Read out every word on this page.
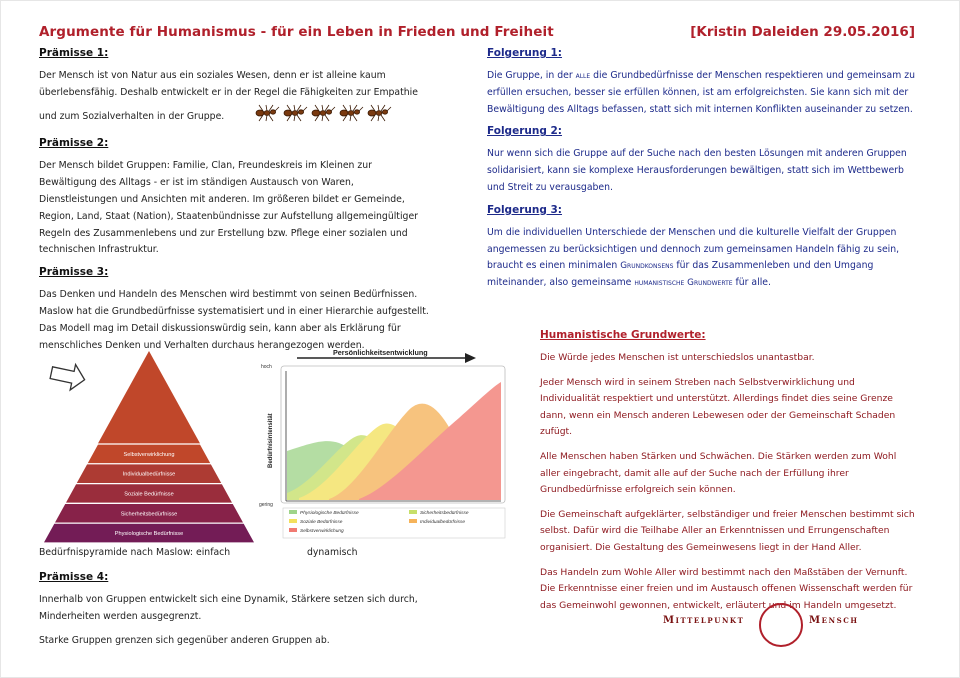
Argumente für Humanismus - für ein Leben in Frieden und Freiheit	[Kristin Daleiden 29.05.2016]
Prämisse 1:

Der Mensch ist von Natur aus ein soziales Wesen, denn er ist alleine kaum überlebensfähig. Deshalb entwickelt er in der Regel die Fähigkeiten zur Empathie und zum Sozialverhalten in der Gruppe.

Prämisse 2:

Der Mensch bildet Gruppen: Familie, Clan, Freundeskreis im Kleinen zur Bewältigung des Alltags - er ist im ständigen Austausch von Waren, Dienstleistungen und Ansichten mit anderen. Im größeren bildet er Gemeinde, Region, Land, Staat (Nation), Staatenbündnisse zur Aufstellung allgemeingültiger Regeln des Zusammenlebens und zur Erstellung bzw. Pflege einer sozialen und technischen Infrastruktur.

Prämisse 3:

Das Denken und Handeln des Menschen wird bestimmt von seinen Bedürfnissen. Maslow hat die Grundbedürfnisse systematisiert und in einer Hierarchie aufgestellt. Das Modell mag im Detail diskussionswürdig sein, kann aber als Erklärung für menschliches Denken und Verhalten durchaus herangezogen werden.

Selbstverwirklichung
Individualbedürfnisse
Soziale Bedürfnisse
Sicherheitsbedürfnisse
Physiologische Bedürfnisse
Persönlichkeitsentwicklung
hoch
gering
Bedürfnisintensität
Physiologische Bedürfnisse	Sicherheitsbedürfnisse
Soziale Bedürfnisse	Individualbedürfnisse
Selbstverwirklichung
Bedürfnispyramide nach Maslow: einfach	dynamisch
Prämisse 4:

Innerhalb von Gruppen entwickelt sich eine Dynamik, Stärkere setzen sich durch, Minderheiten werden ausgegrenzt.

Starke Gruppen grenzen sich gegenüber anderen Gruppen ab.

Folgerung 1:

Die Gruppe, in der alle die Grundbedürfnisse der Menschen respektieren und gemeinsam zu erfüllen ersuchen, besser sie erfüllen können, ist am erfolgreichsten. Sie kann sich mit der Bewältigung des Alltags befassen, statt sich mit internen Konflikten auseinander zu setzen.

Folgerung 2:

Nur wenn sich die Gruppe auf der Suche nach den besten Lösungen mit anderen Gruppen solidarisiert, kann sie komplexe Herausforderungen bewältigen, statt sich im Wettbewerb und Streit zu verausgaben.

Folgerung 3:

Um die individuellen Unterschiede der Menschen und die kulturelle Vielfalt der Gruppen angemessen zu berücksichtigen und dennoch zum gemeinsamen Handeln fähig zu sein, braucht es einen minimalen Grundkonsens für das Zusammenleben und den Umgang miteinander, also gemeinsame humanistische Grundwerte für alle.

Humanistische Grundwerte:

Die Würde jedes Menschen ist unterschiedslos unantastbar.

Jeder Mensch wird in seinem Streben nach Selbstverwirklichung und Individualität respektiert und unterstützt. Allerdings findet dies seine Grenze dann, wenn ein Mensch anderen Lebewesen oder der Gemeinschaft Schaden zufügt.

Alle Menschen haben Stärken und Schwächen. Die Stärken werden zum Wohl aller eingebracht, damit alle auf der Suche nach der Erfüllung ihrer Grundbedürfnisse erfolgreich sein können.

Die Gemeinschaft aufgeklärter, selbständiger und freier Menschen bestimmt sich selbst. Dafür wird die Teilhabe Aller an Erkenntnissen und Errungenschaften organisiert. Die Gestaltung des Gemeinwesens liegt in der Hand Aller.

Das Handeln zum Wohle Aller wird bestimmt nach den Maßstäben der Vernunft. Die Erkenntnisse einer freien und im Austausch offenen Wissenschaft werden für das Gemeinwohl gewonnen, entwickelt, erläutert und im Handeln umgesetzt.

Mittelpunkt	Mensch
